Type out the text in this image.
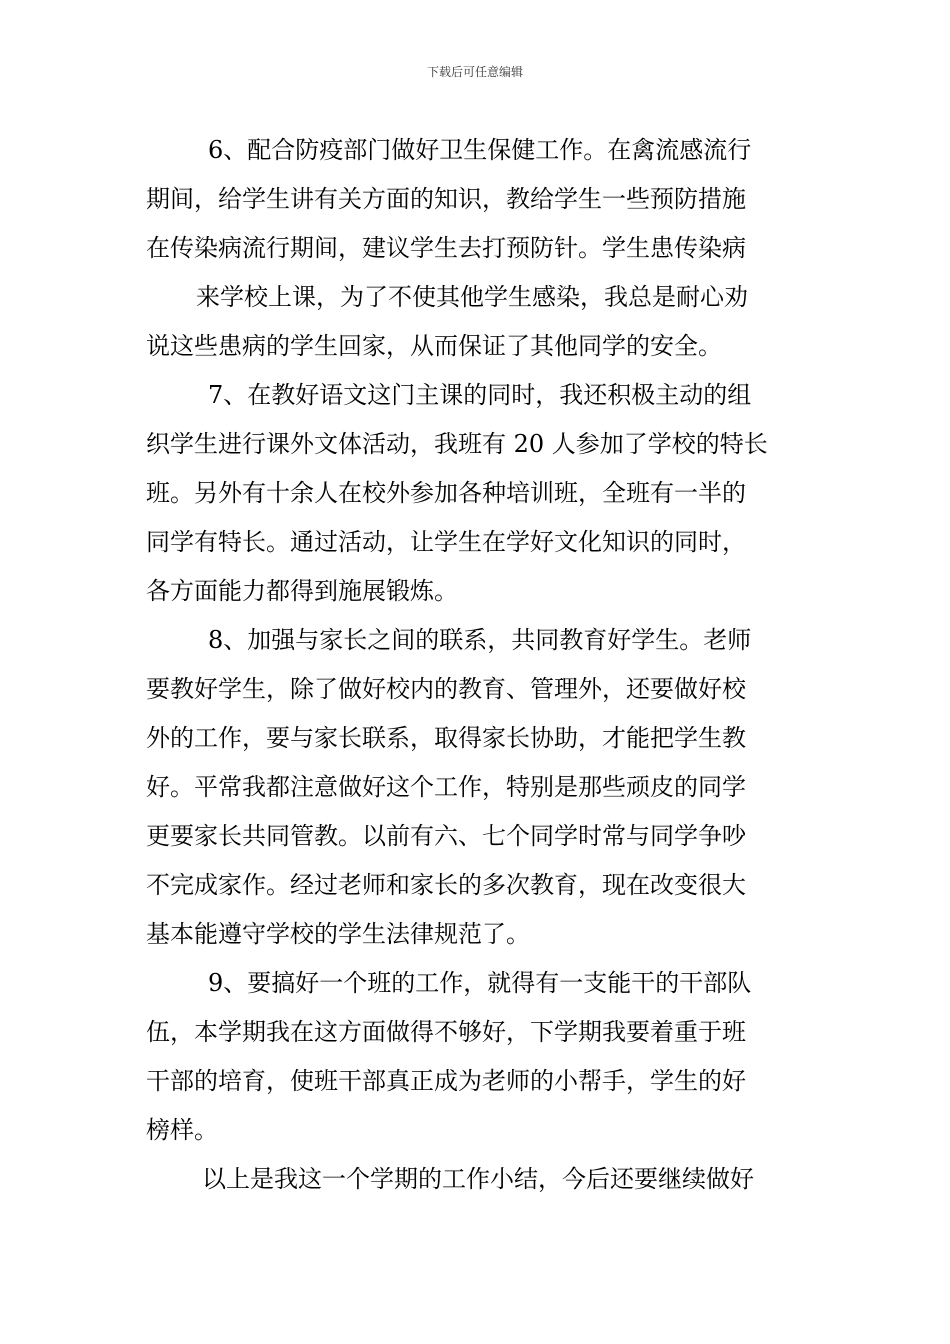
下载后可任意编辑
6、配合防疫部门做好卫生保健工作。在禽流感流行
期间，给学生讲有关方面的知识，教给学生一些预防措施
在传染病流行期间，建议学生去打预防针。学生患传染病
来学校上课，为了不使其他学生感染，我总是耐心劝
说这些患病的学生回家，从而保证了其他同学的安全。
7、在教好语文这门主课的同时，我还积极主动的组
织学生进行课外文体活动，我班有 20 人参加了学校的特长
班。另外有十余人在校外参加各种培训班，全班有一半的
同学有特长。通过活动，让学生在学好文化知识的同时，
各方面能力都得到施展锻炼。
8、加强与家长之间的联系，共同教育好学生。老师
要教好学生，除了做好校内的教育、管理外，还要做好校
外的工作，要与家长联系，取得家长协助，才能把学生教
好。平常我都注意做好这个工作，特别是那些顽皮的同学
更要家长共同管教。以前有六、七个同学时常与同学争吵
不完成家作。经过老师和家长的多次教育，现在改变很大
基本能遵守学校的学生法律规范了。
9、要搞好一个班的工作，就得有一支能干的干部队
伍，本学期我在这方面做得不够好，下学期我要着重于班
干部的培育，使班干部真正成为老师的小帮手，学生的好
榜样。
以上是我这一个学期的工作小结，今后还要继续做好
